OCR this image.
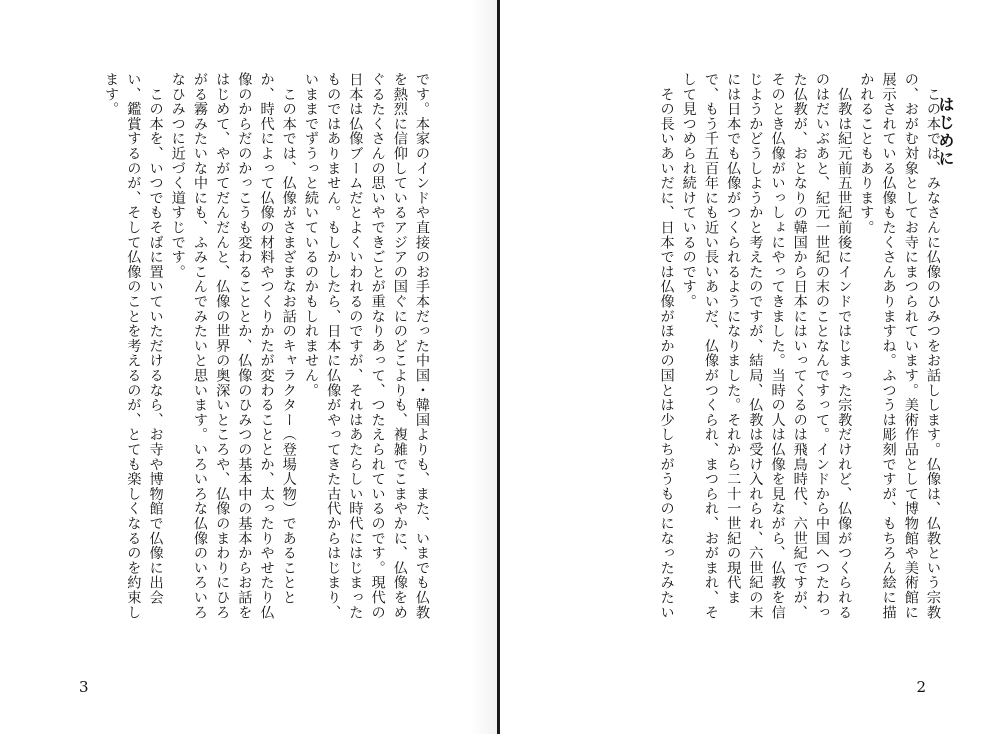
です。本家のインドや直接のお手本だった中国・韓国よりも、また、いまでも仏教を熱烈に信仰しているアジアの国ぐにのどこよりも、複雑でこまやかに、仏像をめぐるたくさんの思いやできごとが重なりあって、つたえられているのです。現代の日本は仏像ブームだとよくいわれるのですが、それはあたらしい時代にはじまったものではありません。もしかしたら、日本に仏像がやってきた古代からはじまり、いままでずうっと続いているのかもしれません。
　この本では、仏像がさまざまなお話のキャラクター（登場人物）であることとか、時代によって仏像の材料やつくりかたが変わることとか、太ったりやせたり仏像のからだのかっこうも変わることとか、仏像のひみつの基本中の基本からお話をはじめて、やがてだんだんと、仏像の世界の奥深いところや、仏像のまわりにひろがる霧みたいな中にも、ふみこんでみたいと思います。いろいろな仏像のいろいろなひみつに近づく道すじです。
　この本を、いつでもそばに置いていただけるなら、お寺や博物館で仏像に出会い、鑑賞するのが、そして仏像のことを考えるのが、とても楽しくなるのを約束します。
3
はじめに
　この本では、みなさんに仏像のひみつをお話しします。仏像は、仏教という宗教の、おがむ対象としてお寺にまつられています。美術作品として博物館や美術館に展示されている仏像もたくさんありますね。ふつうは彫刻ですが、もちろん絵に描かれることもあります。
　仏教は紀元前五世紀前後にインドではじまった宗教だけれど、仏像がつくられるのはだいぶあと、紀元一世紀の末のことなんですって。インドから中国へつたわった仏教が、おとなりの韓国から日本にはいってくるのは飛鳥時代、六世紀ですが、そのとき仏像がいっしょにやってきました。当時の人は仏像を見ながら、仏教を信じようかどうしようかと考えたのですが、結局、仏教は受け入れられ、六世紀の末には日本でも仏像がつくられるようになりました。それから二十一世紀の現代まで、もう千五百年にも近い長いあいだ、仏像がつくられ、まつられ、おがまれ、そして見つめられ続けているのです。
　その長いあいだに、日本では仏像がほかの国とは少しちがうものになったみたい
2
